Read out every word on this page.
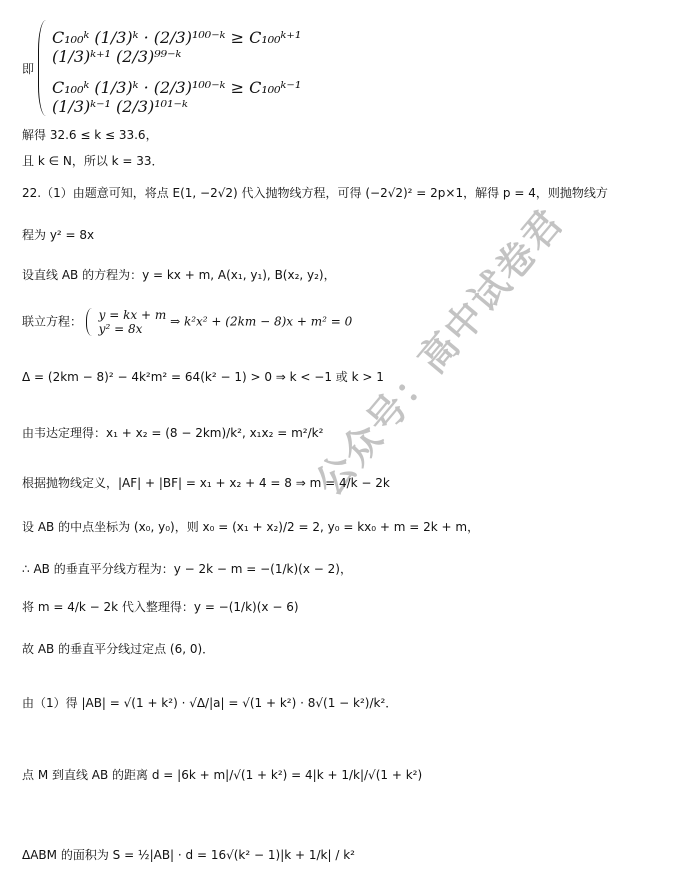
即
C₁₀₀ᵏ (1/3)ᵏ · (2/3)¹⁰⁰⁻ᵏ ≥ C₁₀₀ᵏ⁺¹ (1/3)ᵏ⁺¹ (2/3)⁹⁹⁻ᵏ
C₁₀₀ᵏ (1/3)ᵏ · (2/3)¹⁰⁰⁻ᵏ ≥ C₁₀₀ᵏ⁻¹ (1/3)ᵏ⁻¹ (2/3)¹⁰¹⁻ᵏ
解得 32.6 ≤ k ≤ 33.6，
且 k ∈ N，所以 k = 33．
22.（1）由题意可知，将点 E(1, −2√2) 代入抛物线方程，可得 (−2√2)² = 2p×1，解得 p = 4，则抛物线方
程为 y² = 8x
设直线 AB 的方程为：y = kx + m, A(x₁, y₁), B(x₂, y₂)，
联立方程： y = kx + m
y² = 8x ⇒ k²x² + (2km − 8)x + m² = 0
Δ = (2km − 8)² − 4k²m² = 64(k² − 1) > 0 ⇒ k < −1 或 k > 1
由韦达定理得：x₁ + x₂ = (8 − 2km)/k², x₁x₂ = m²/k²
根据抛物线定义，|AF| + |BF| = x₁ + x₂ + 4 = 8 ⇒ m = 4/k − 2k
设 AB 的中点坐标为 (x₀, y₀)，则 x₀ = (x₁ + x₂)/2 = 2, y₀ = kx₀ + m = 2k + m，
∴ AB 的垂直平分线方程为：y − 2k − m = −(1/k)(x − 2)，
将 m = 4/k − 2k 代入整理得：y = −(1/k)(x − 6)
故 AB 的垂直平分线过定点 (6, 0)．
由（1）得 |AB| = √(1 + k²) · √Δ/|a| = √(1 + k²) · 8√(1 − k²)/k²．
点 M 到直线 AB 的距离 d = |6k + m|/√(1 + k²) = 4|k + 1/k|/√(1 + k²)
ΔABM 的面积为 S = ½|AB| · d = 16√(k² − 1)|k + 1/k| / k²
公众号：高中试卷君
